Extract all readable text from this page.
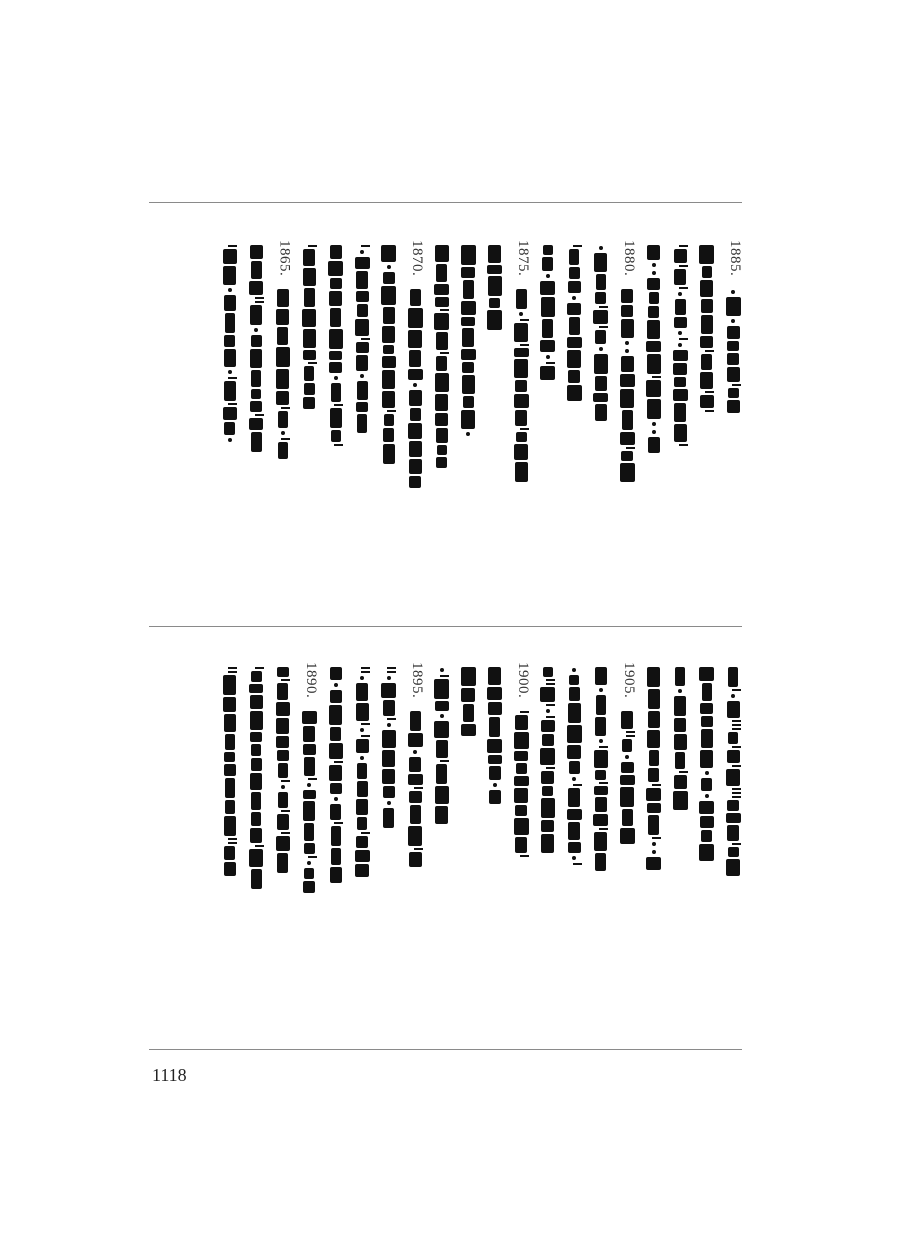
1885.
1880.
1875.
1870.
1865.
1905.
1900.
1895.
1890.
1118
